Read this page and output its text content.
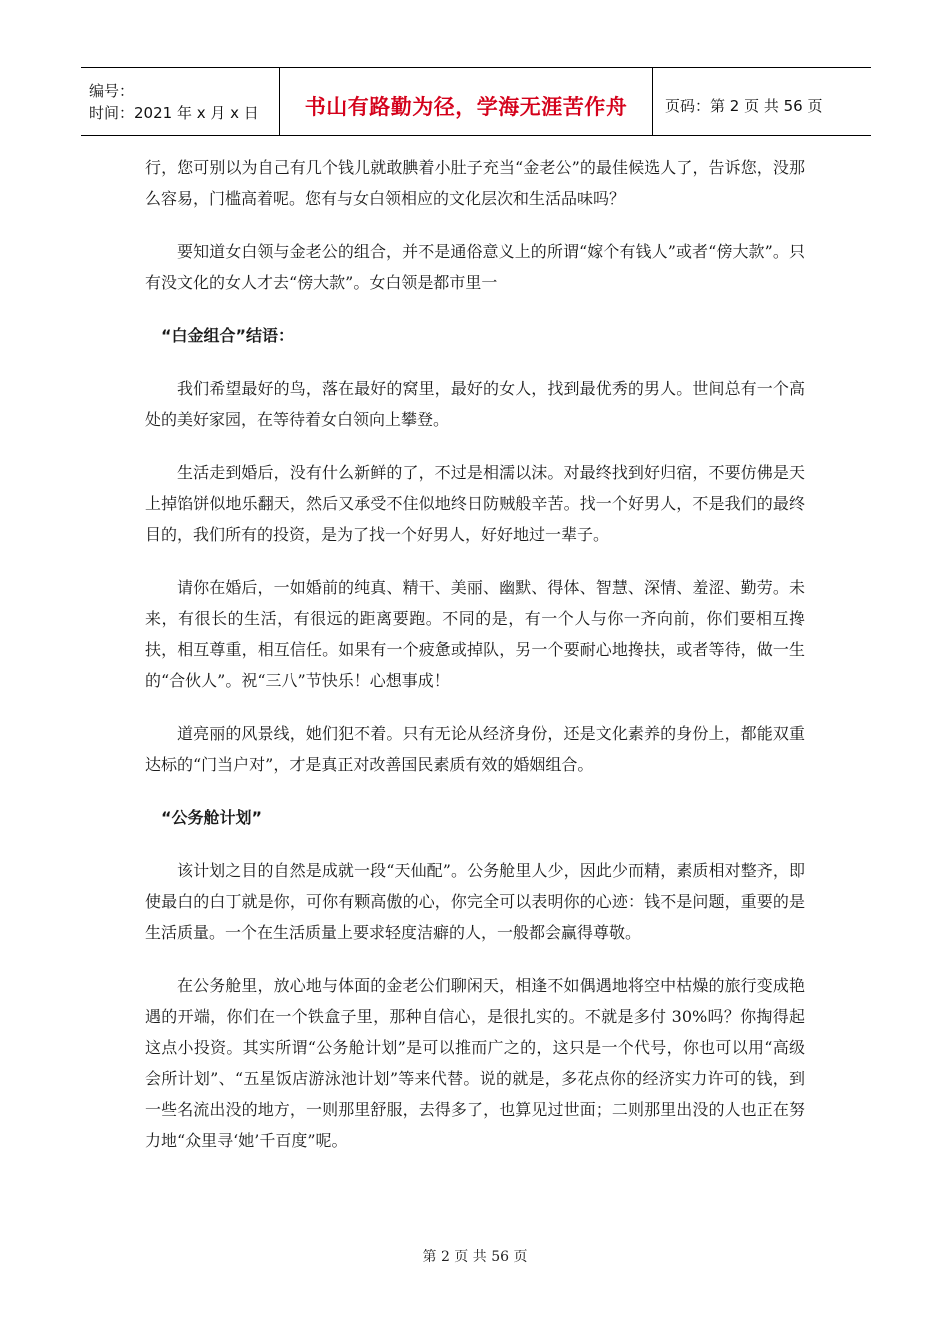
编号：
时间：2021 年 x 月 x 日	书山有路勤为径，学海无涯苦作舟	页码：第 2 页 共 56 页

行，您可别以为自己有几个钱儿就敢腆着小肚子充当“金老公”的最佳候选人了，告诉您，没那么容易，门槛高着呢。您有与女白领相应的文化层次和生活品味吗？

要知道女白领与金老公的组合，并不是通俗意义上的所谓“嫁个有钱人”或者“傍大款”。只有没文化的女人才去“傍大款”。女白领是都市里一

“白金组合”结语：

我们希望最好的鸟，落在最好的窝里，最好的女人，找到最优秀的男人。世间总有一个高处的美好家园，在等待着女白领向上攀登。

生活走到婚后，没有什么新鲜的了，不过是相濡以沫。对最终找到好归宿，不要仿佛是天上掉馅饼似地乐翻天，然后又承受不住似地终日防贼般辛苦。找一个好男人，不是我们的最终目的，我们所有的投资，是为了找一个好男人，好好地过一辈子。

请你在婚后，一如婚前的纯真、精干、美丽、幽默、得体、智慧、深情、羞涩、勤劳。未来，有很长的生活，有很远的距离要跑。不同的是，有一个人与你一齐向前，你们要相互搀扶，相互尊重，相互信任。如果有一个疲惫或掉队，另一个要耐心地搀扶，或者等待，做一生的“合伙人”。祝“三八”节快乐！心想事成！

道亮丽的风景线，她们犯不着。只有无论从经济身份，还是文化素养的身份上，都能双重达标的“门当户对”，才是真正对改善国民素质有效的婚姻组合。

“公务舱计划”

该计划之目的自然是成就一段“天仙配”。公务舱里人少，因此少而精，素质相对整齐，即使最白的白丁就是你，可你有颗高傲的心，你完全可以表明你的心迹：钱不是问题，重要的是生活质量。一个在生活质量上要求轻度洁癖的人，一般都会赢得尊敬。

在公务舱里，放心地与体面的金老公们聊闲天，相逢不如偶遇地将空中枯燥的旅行变成艳遇的开端，你们在一个铁盒子里，那种自信心，是很扎实的。不就是多付 30%吗？你掏得起这点小投资。其实所谓“公务舱计划”是可以推而广之的，这只是一个代号，你也可以用“高级会所计划”、“五星饭店游泳池计划”等来代替。说的就是，多花点你的经济实力许可的钱，到一些名流出没的地方，一则那里舒服，去得多了，也算见过世面；二则那里出没的人也正在努力地“众里寻‘她’千百度”呢。

第 2 页 共 56 页
